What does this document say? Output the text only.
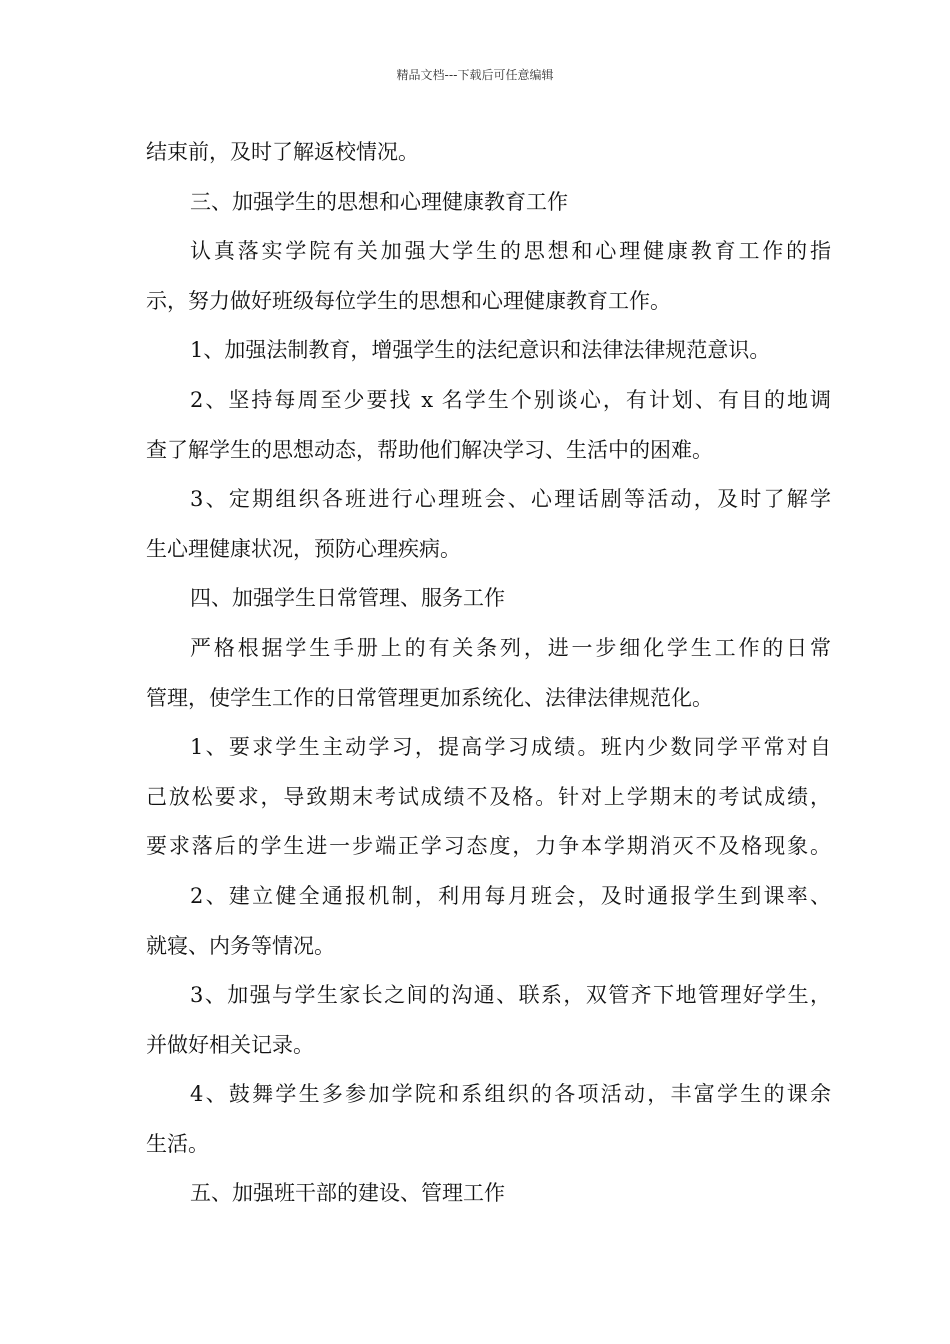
精品文档---下载后可任意编辑
结束前，及时了解返校情况。
三、加强学生的思想和心理健康教育工作
认真落实学院有关加强大学生的思想和心理健康教育工作的指
示，努力做好班级每位学生的思想和心理健康教育工作。
1、加强法制教育，增强学生的法纪意识和法律法律规范意识。
2、坚持每周至少要找 x 名学生个别谈心，有计划、有目的地调
查了解学生的思想动态，帮助他们解决学习、生活中的困难。
3、定期组织各班进行心理班会、心理话剧等活动，及时了解学
生心理健康状况，预防心理疾病。
四、加强学生日常管理、服务工作
严格根据学生手册上的有关条列，进一步细化学生工作的日常
管理，使学生工作的日常管理更加系统化、法律法律规范化。
1、要求学生主动学习，提高学习成绩。班内少数同学平常对自
己放松要求，导致期末考试成绩不及格。针对上学期末的考试成绩，
要求落后的学生进一步端正学习态度，力争本学期消灭不及格现象。
2、建立健全通报机制，利用每月班会，及时通报学生到课率、
就寝、内务等情况。
3、加强与学生家长之间的沟通、联系，双管齐下地管理好学生，
并做好相关记录。
4、鼓舞学生多参加学院和系组织的各项活动，丰富学生的课余
生活。
五、加强班干部的建设、管理工作
